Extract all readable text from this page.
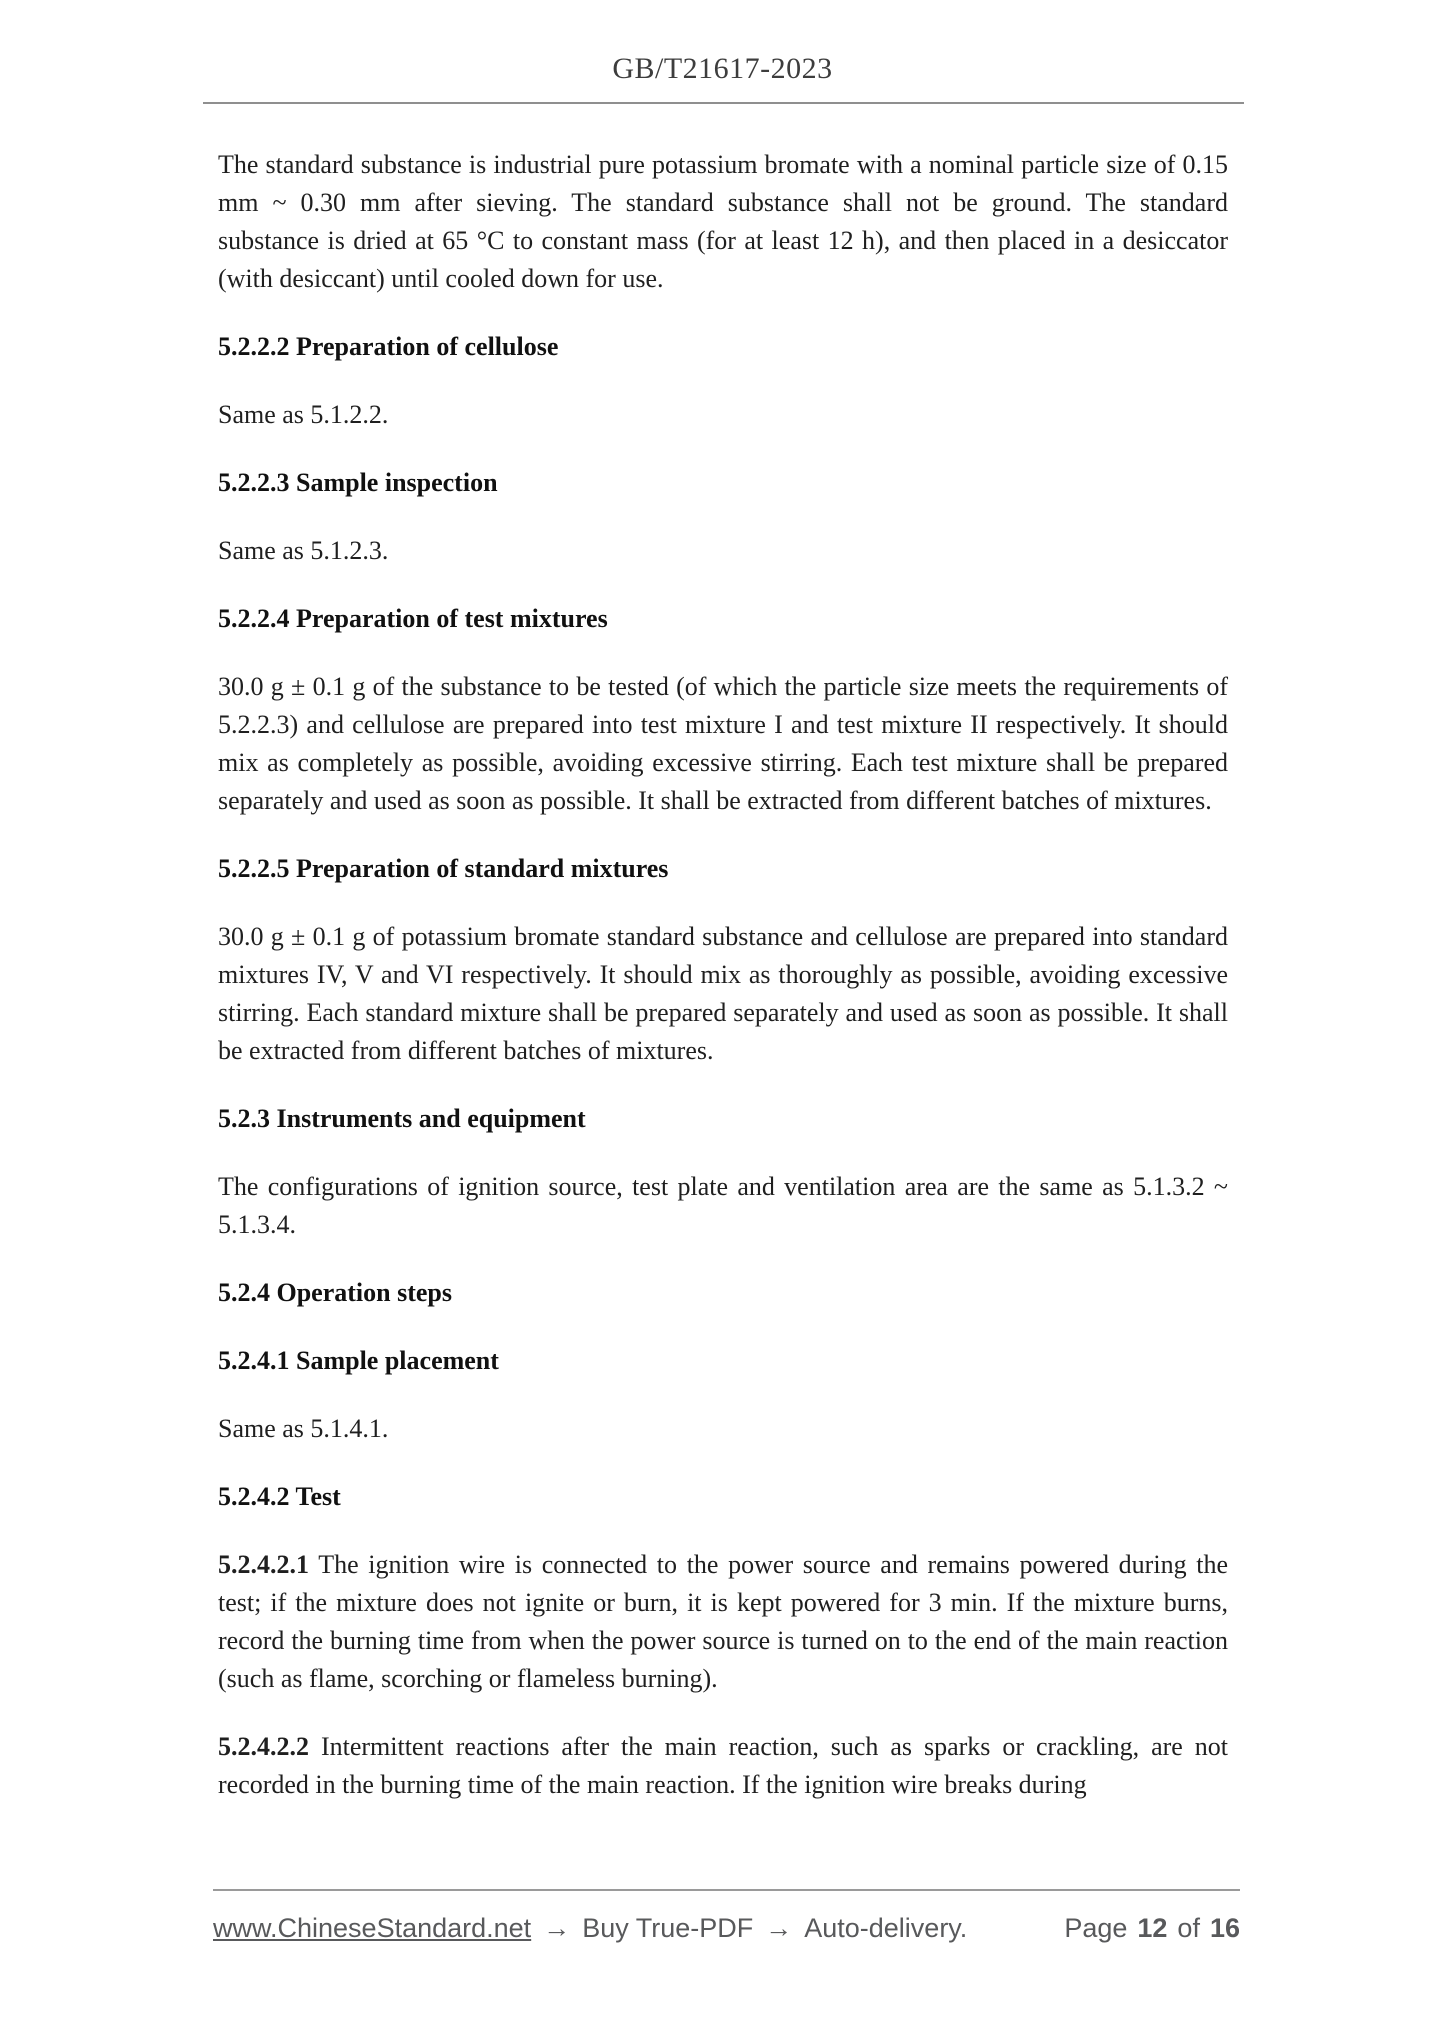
GB/T21617-2023

The standard substance is industrial pure potassium bromate with a nominal particle size of 0.15 mm ~ 0.30 mm after sieving. The standard substance shall not be ground. The standard substance is dried at 65 °C to constant mass (for at least 12 h), and then placed in a desiccator (with desiccant) until cooled down for use.

5.2.2.2 Preparation of cellulose

Same as 5.1.2.2.

5.2.2.3 Sample inspection

Same as 5.1.2.3.

5.2.2.4 Preparation of test mixtures

30.0 g ± 0.1 g of the substance to be tested (of which the particle size meets the requirements of 5.2.2.3) and cellulose are prepared into test mixture I and test mixture II respectively. It should mix as completely as possible, avoiding excessive stirring. Each test mixture shall be prepared separately and used as soon as possible. It shall be extracted from different batches of mixtures.

5.2.2.5 Preparation of standard mixtures

30.0 g ± 0.1 g of potassium bromate standard substance and cellulose are prepared into standard mixtures IV, V and VI respectively. It should mix as thoroughly as possible, avoiding excessive stirring. Each standard mixture shall be prepared separately and used as soon as possible. It shall be extracted from different batches of mixtures.

5.2.3 Instruments and equipment

The configurations of ignition source, test plate and ventilation area are the same as 5.1.3.2 ~ 5.1.3.4.

5.2.4 Operation steps
5.2.4.1 Sample placement

Same as 5.1.4.1.

5.2.4.2 Test

5.2.4.2.1 The ignition wire is connected to the power source and remains powered during the test; if the mixture does not ignite or burn, it is kept powered for 3 min. If the mixture burns, record the burning time from when the power source is turned on to the end of the main reaction (such as flame, scorching or flameless burning).

5.2.4.2.2 Intermittent reactions after the main reaction, such as sparks or crackling, are not recorded in the burning time of the main reaction. If the ignition wire breaks during

www.ChineseStandard.net → Buy True-PDF → Auto-delivery.	Page 12 of 16
